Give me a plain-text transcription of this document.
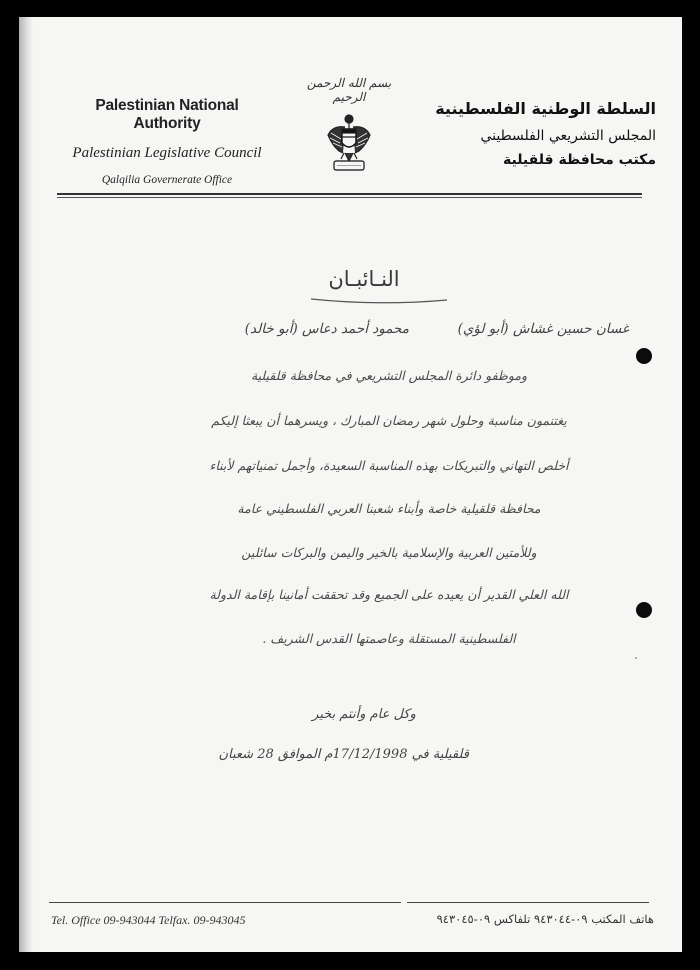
Palestinian National Authority
Palestinian Legislative Council
Qalqilia Governerate Office
بسم الله الرحمن الرحيم
السلطة الوطنية الفلسطينية
المجلس التشريعي الفلسطيني
مكتب محافظة قلقيلية
النـائبـان
غسان حسين غشاش (أبو لؤي)
محمود أحمد دعاس (أبو خالد)
وموظفو دائرة المجلس التشريعي في محافظة قلقيلية
يغتنمون مناسبة وحلول شهر رمضان المبارك ، ويسرهما أن يبعثا إليكم
أخلص التهاني والتبريكات بهذه المناسبة السعيدة، وأجمل تمنياتهم لأبناء
محافظة قلقيلية خاصة وأبناء شعبنا العربي الفلسطيني عامة
وللأمتين العربية والإسلامية بالخير واليمن والبركات سائلين
الله العلي القدير أن يعيده على الجميع وقد تحققت أمانينا بإقامة الدولة
الفلسطينية المستقلة وعاصمتها القدس الشريف .
وكل عام وأنتم بخير
قلقيلية في 17/12/1998م الموافق 28 شعبان
Tel. Office 09-943044 Telfax. 09-943045	هاتف المكتب ٠٩-٩٤٣٠٤٤ تلفاكس ٠٩-٩٤٣٠٤٥
